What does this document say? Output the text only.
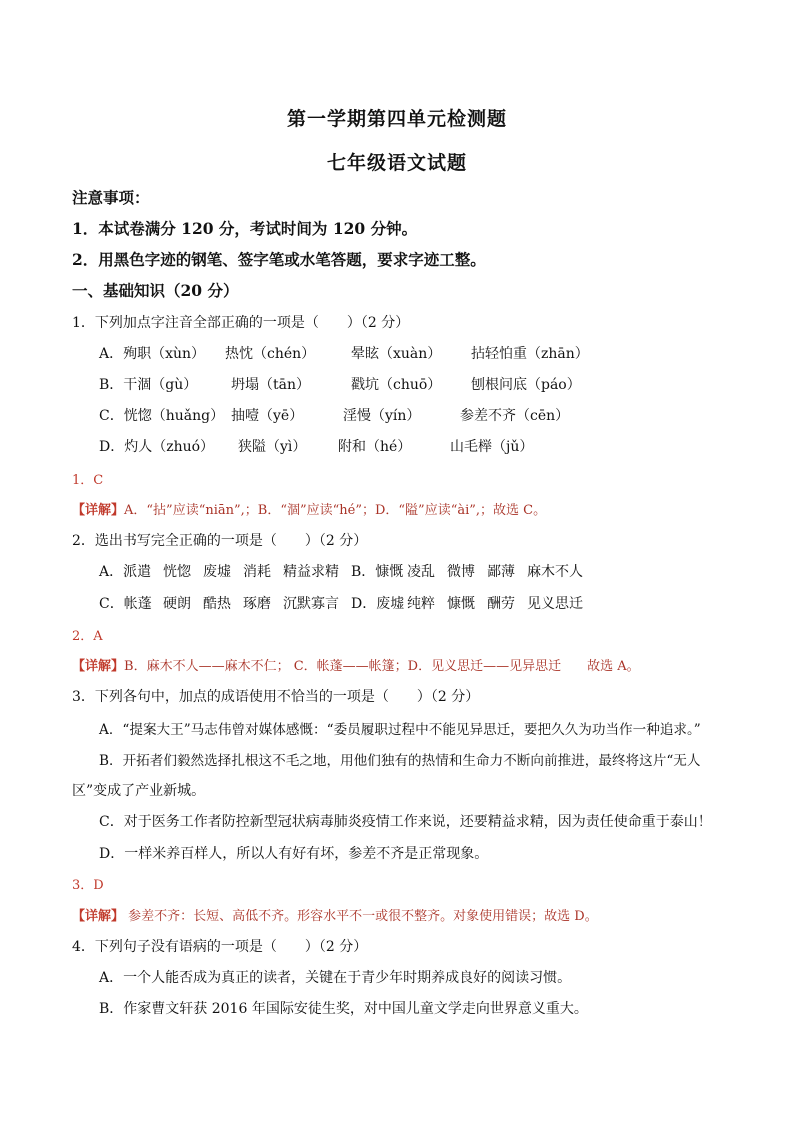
第一学期第四单元检测题
七年级语文试题
注意事项：
1．本试卷满分 120 分，考试时间为 120 分钟。
2．用黑色字迹的钢笔、签字笔或水笔答题，要求字迹工整。
一、基础知识（20 分）
1．下列加点字注音全部正确的一项是（　　）（2 分）
A．殉职（xùn） 热忱（chén）	晕眩（xuàn） 拈轻怕重（zhān）
B．干涸（gù） 坍塌（tān）	戳坑（chuō） 刨根问底（páo）
C．恍惚（huǎng） 抽噎（yē）	淫慢（yín）	参差不齐（cēn）
D．灼人（zhuó） 狭隘（yì） 附和（hé）	山毛榉（jǔ）
1．C
【详解】A．“拈”应读“niān”,；B．“涸”应读“hé”；D．“隘”应读“ài”,；故选 C。
2．选出书写完全正确的一项是（　　）（2 分）
A．派遣 恍惚 废墟 消耗 精益求精 B．慷慨 凌乱 微博 鄙薄 麻木不人
C．帐蓬 硬朗 酷热 琢磨 沉默寡言 D．废墟 纯粹 慷慨 酬劳 见义思迁
2．A
【详解】B．麻木不人——麻木不仁； C．帐蓬——帐篷；D．见义思迁——见异思迁　　故选 A。
3．下列各句中，加点的成语使用不恰当的一项是（　　）（2 分）
A．“提案大王”马志伟曾对媒体感慨：“委员履职过程中不能见异思迁，要把久久为功当作一种追求。”
B．开拓者们毅然选择扎根这不毛之地，用他们独有的热情和生命力不断向前推进，最终将这片“无人
区”变成了产业新城。
C．对于医务工作者防控新型冠状病毒肺炎疫情工作来说，还要精益求精，因为责任使命重于泰山！
D．一样米养百样人，所以人有好有坏，参差不齐是正常现象。
3．D
【详解】 参差不齐：长短、高低不齐。形容水平不一或很不整齐。对象使用错误；故选 D。
4．下列句子没有语病的一项是（　　）（2 分）
A．一个人能否成为真正的读者，关键在于青少年时期养成良好的阅读习惯。
B．作家曹文轩获 2016 年国际安徒生奖，对中国儿童文学走向世界意义重大。
